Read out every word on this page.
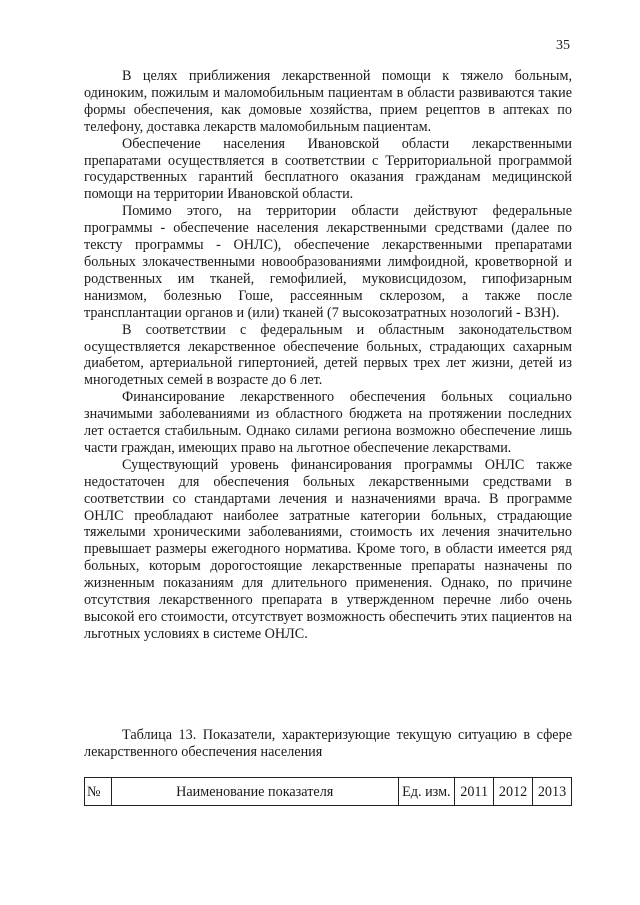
35

В целях приближения лекарственной помощи к тяжело больным, одиноким, пожилым и маломобильным пациентам в области развиваются такие формы обеспечения, как домовые хозяйства, прием рецептов в аптеках по телефону, доставка лекарств маломобильным пациентам.

Обеспечение населения Ивановской области лекарственными препаратами осуществляется в соответствии с Территориальной программой государственных гарантий бесплатного оказания гражданам медицинской помощи на территории Ивановской области.

Помимо этого, на территории области действуют федеральные программы - обеспечение населения лекарственными средствами (далее по тексту программы - ОНЛС), обеспечение лекарственными препаратами больных злокачественными новообразованиями лимфоидной, кроветворной и родственных им тканей, гемофилией, муковисцидозом, гипофизарным нанизмом, болезнью Гоше, рассеянным склерозом, а также после трансплантации органов и (или) тканей (7 высокозатратных нозологий - ВЗН).

В соответствии с федеральным и областным законодательством осуществляется лекарственное обеспечение больных, страдающих сахарным диабетом, артериальной гипертонией, детей первых трех лет жизни, детей из многодетных семей в возрасте до 6 лет.

Финансирование лекарственного обеспечения больных социально значимыми заболеваниями из областного бюджета на протяжении последних лет остается стабильным. Однако силами региона возможно обеспечение лишь части граждан, имеющих право на льготное обеспечение лекарствами.

Существующий уровень финансирования программы ОНЛС также недостаточен для обеспечения больных лекарственными средствами в соответствии со стандартами лечения и назначениями врача. В программе ОНЛС преобладают наиболее затратные категории больных, страдающие тяжелыми хроническими заболеваниями, стоимость их лечения значительно превышает размеры ежегодного норматива. Кроме того, в области имеется ряд больных, которым дорогостоящие лекарственные препараты назначены по жизненным показаниям для длительного применения. Однако, по причине отсутствия лекарственного препарата в утвержденном перечне либо очень высокой его стоимости, отсутствует возможность обеспечить этих пациентов на льготных условиях в системе ОНЛС.

Таблица 13. Показатели, характеризующие текущую ситуацию в сфере лекарственного обеспечения населения

№	Наименование показателя	Ед. изм.	2011	2012	2013
